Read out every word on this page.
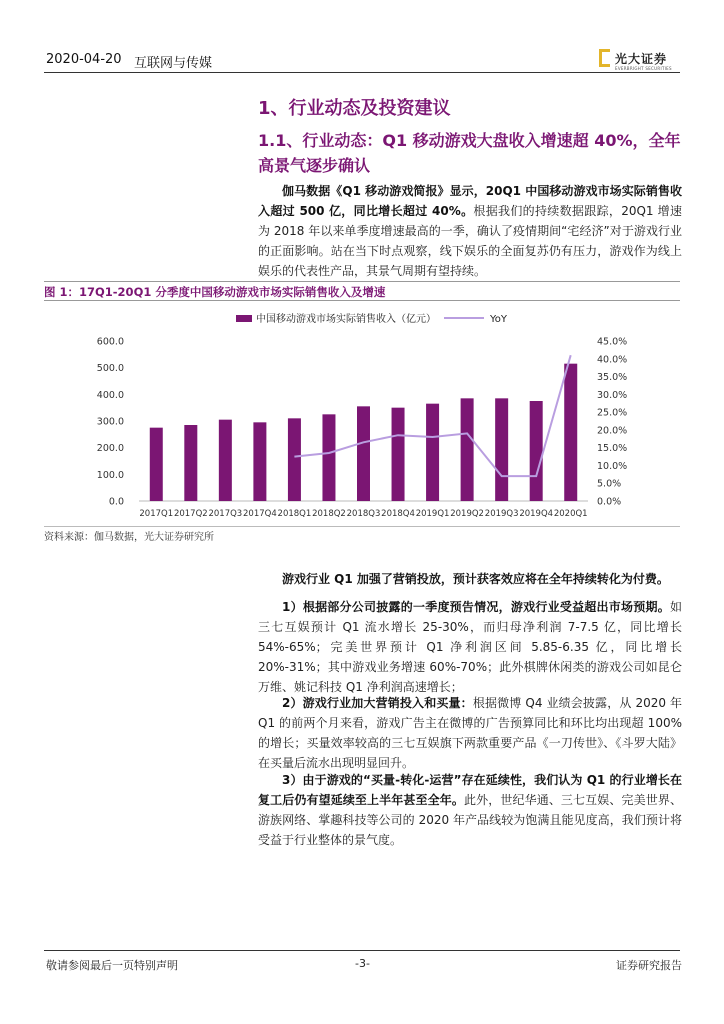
2020-04-20 互联网与传媒	光大证券
EVERBRIGHT SECURITIES
1、行业动态及投资建议
1.1、行业动态：Q1 移动游戏大盘收入增速超 40%，全年高景气逐步确认
伽马数据《Q1 移动游戏简报》显示，20Q1 中国移动游戏市场实际销售收入超过 500 亿，同比增长超过 40%。根据我们的持续数据跟踪，20Q1 增速为 2018 年以来单季度增速最高的一季，确认了疫情期间“宅经济”对于游戏行业的正面影响。站在当下时点观察，线下娱乐的全面复苏仍有压力，游戏作为线上娱乐的代表性产品，其景气周期有望持续。
图 1：17Q1-20Q1 分季度中国移动游戏市场实际销售收入及增速
中国移动游戏市场实际销售收入（亿元）	YoY
0.0
100.0
200.0
300.0
400.0
500.0
600.0
0.0%
5.0%
10.0%
15.0%
20.0%
25.0%
30.0%
35.0%
40.0%
45.0%
2017Q1 2017Q2 2017Q3 2017Q4 2018Q1 2018Q2 2018Q3 2018Q4 2019Q1 2019Q2 2019Q3 2019Q4 2020Q1
资料来源：伽马数据，光大证券研究所
游戏行业 Q1 加强了营销投放，预计获客效应将在全年持续转化为付费。
1）根据部分公司披露的一季度预告情况，游戏行业受益超出市场预期。如三七互娱预计 Q1 流水增长 25-30%，而归母净利润 7-7.5 亿，同比增长 54%-65%；完美世界预计 Q1 净利润区间 5.85-6.35 亿，同比增长 20%-31%；其中游戏业务增速 60%-70%；此外棋牌休闲类的游戏公司如昆仑万维、姚记科技 Q1 净利润高速增长；
2）游戏行业加大营销投入和买量：根据微博 Q4 业绩会披露，从 2020 年 Q1 的前两个月来看，游戏广告主在微博的广告预算同比和环比均出现超 100%的增长；买量效率较高的三七互娱旗下两款重要产品《一刀传世》、《斗罗大陆》在买量后流水出现明显回升。
3）由于游戏的“买量-转化-运营”存在延续性，我们认为 Q1 的行业增长在复工后仍有望延续至上半年甚至全年。此外，世纪华通、三七互娱、完美世界、游族网络、掌趣科技等公司的 2020 年产品线较为饱满且能见度高，我们预计将受益于行业整体的景气度。
敬请参阅最后一页特别声明	-3-	证券研究报告
